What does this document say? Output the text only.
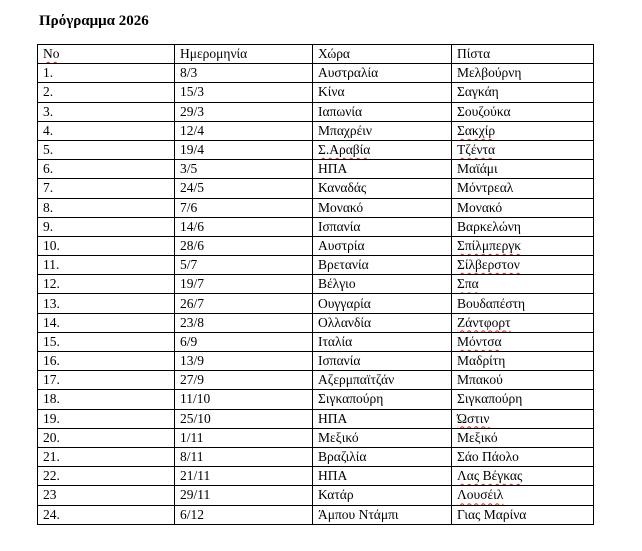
Πρόγραμμα 2026
Νο	Ημερομηνία	Χώρα	Πίστα
1.	8/3	Αυστραλία	Μελβούρνη
2.	15/3	Κίνα	Σαγκάη
3.	29/3	Ιαπωνία	Σουζούκα
4.	12/4	Μπαχρέιν	Σακχίρ
5.	19/4	Σ.Αραβία	Τζέντα
6.	3/5	ΗΠΑ	Μαϊάμι
7.	24/5	Καναδάς	Μόντρεαλ
8.	7/6	Μονακό	Μονακό
9.	14/6	Ισπανία	Βαρκελώνη
10.	28/6	Αυστρία	Σπίλμπεργκ
11.	5/7	Βρετανία	Σίλβερστον
12.	19/7	Βέλγιο	Σπα
13.	26/7	Ουγγαρία	Βουδαπέστη
14.	23/8	Ολλανδία	Ζάντφορτ
15.	6/9	Ιταλία	Μόντσα
16.	13/9	Ισπανία	Μαδρίτη
17.	27/9	Αζερμπαϊτζάν	Μπακού
18.	11/10	Σιγκαπούρη	Σιγκαπούρη
19.	25/10	ΗΠΑ	Ώστιν
20.	1/11	Μεξικό	Μεξικό
21.	8/11	Βραζιλία	Σάο Πάολο
22.	21/11	ΗΠΑ	Λας Βέγκας
23	29/11	Κατάρ	Λουσέιλ
24.	6/12	Άμπου Ντάμπι	Γιας Μαρίνα
